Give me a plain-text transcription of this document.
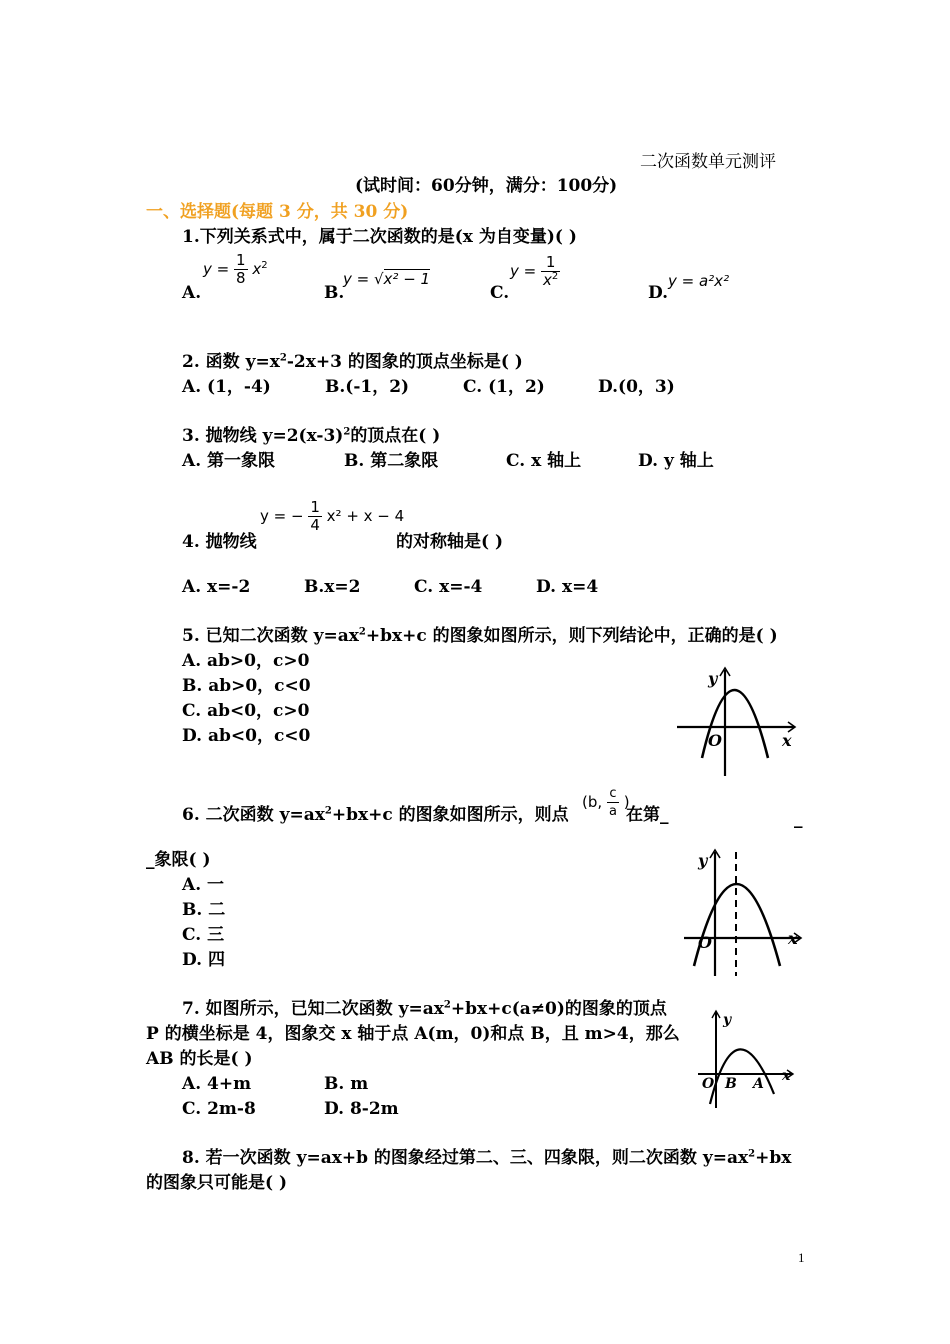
二次函数单元测评
(试时间：60分钟，满分：100分)
一、选择题(每题 3 分，共 30 分)
1.下列关系式中，属于二次函数的是(x 为自变量)( )
A.
$y = \frac{1}{8} x^2$
B.
y = √x² − 1
C.
$y = \frac{1}{x^2}$
D.
y = a²x²
2. 函数 $y=x^2-2x+3$ 的图象的顶点坐标是( )
A. (1，-4)	B.(-1，2)	C. (1，2)	D.(0，3)
3. 抛物线 $y=2(x-3)^2$的顶点在( )
A. 第一象限	B. 第二象限	C. x 轴上	D. y 轴上
4. 抛物线
y = − $\frac{1}{4} x^2 + x - 4$
的对称轴是( )
A. x=-2	B.x=2	C. x=-4	D. x=4
5. 已知二次函数 $y=ax^2+bx+c$ 的图象如图所示，则下列结论中，正确的是( )
A. ab>0，c>0
B. ab>0，c<0
C. ab<0，c>0
D. ab<0，c<0
y
x
O
6. 二次函数 $y=ax^2+bx+c$ 的图象如图所示，则点
(b, $\frac{c}{a}$ )
在第_	_
_象限( )
A. 一
B. 二
C. 三
D. 四
y
x
O
7. 如图所示，已知二次函数 $y=ax^2+bx+c(a\ne 0)$的图象的顶点
P 的横坐标是 4，图象交 x 轴于点 A(m，0)和点 B，且 m>4，那么
AB 的长是( )
A. 4+m	B. m
C. 2m-8	D. 8-2m
y
x
O B A
8. 若一次函数 y=ax+b 的图象经过第二、三、四象限，则二次函数 $y=ax^2+bx$
的图象只可能是( )
1
